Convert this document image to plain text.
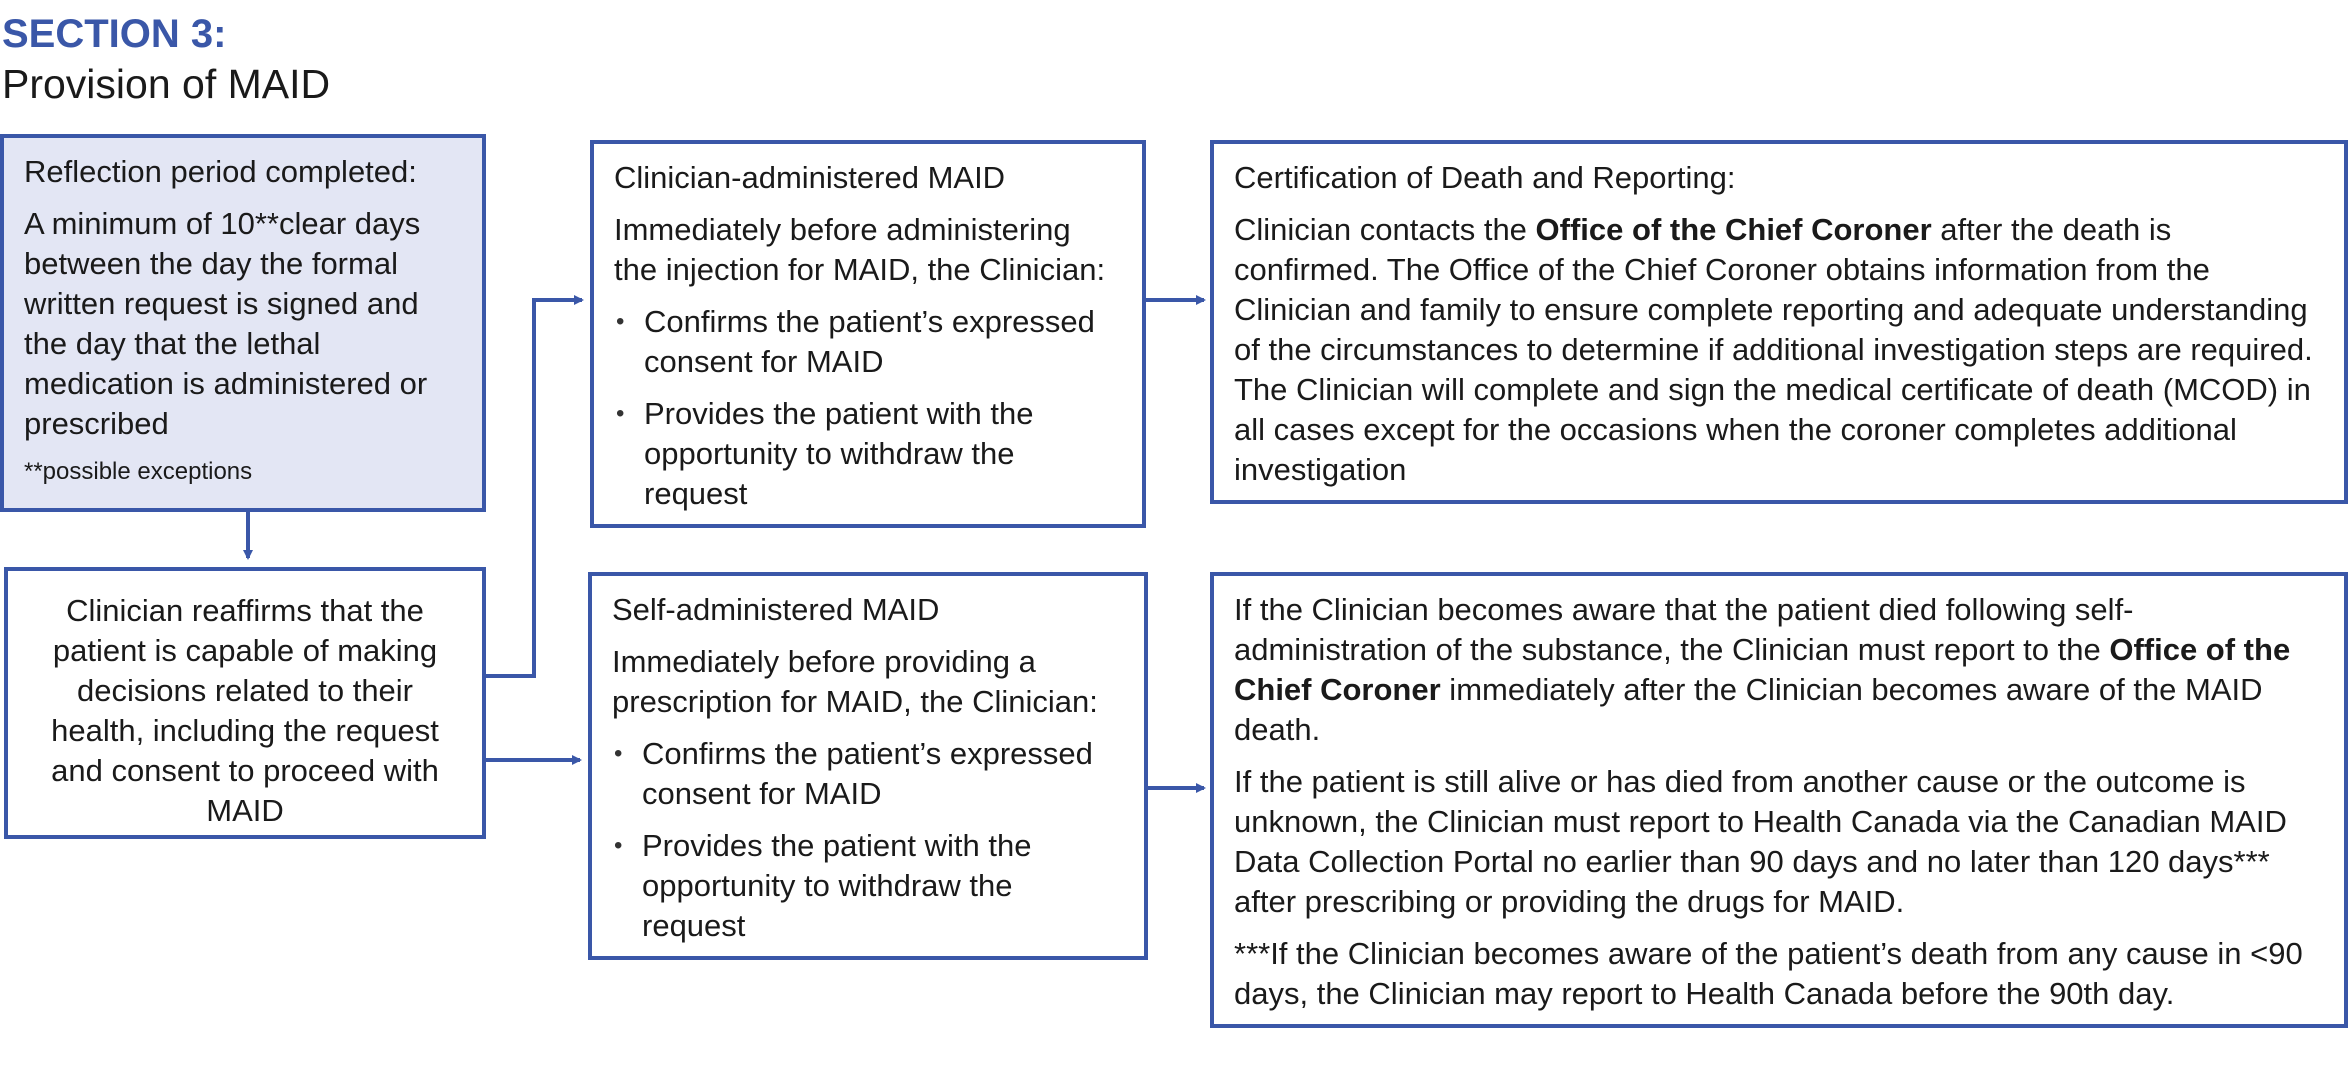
SECTION 3:
Provision of MAID

Reflection period completed:

A minimum of 10**clear days between the day the formal written request is signed and the day that the lethal medication is administered or prescribed

**possible exceptions

Clinician reaffirms that the patient is capable of making decisions related to their health, including the request and consent to proceed with MAID

Clinician-administered MAID

Immediately before administering the injection for MAID, the Clinician:

• Confirms the patient’s expressed consent for MAID
• Provides the patient with the opportunity to withdraw the request

Self-administered MAID

Immediately before providing a prescription for MAID, the Clinician:

• Confirms the patient’s expressed consent for MAID
• Provides the patient with the opportunity to withdraw the request

Certification of Death and Reporting:

Clinician contacts the Office of the Chief Coroner after the death is confirmed. The Office of the Chief Coroner obtains information from the Clinician and family to ensure complete reporting and adequate understanding of the circumstances to determine if additional investigation steps are required. The Clinician will complete and sign the medical certificate of death (MCOD) in all cases except for the occasions when the coroner completes additional investigation

If the Clinician becomes aware that the patient died following self-administration of the substance, the Clinician must report to the Office of the Chief Coroner immediately after the Clinician becomes aware of the MAID death.

If the patient is still alive or has died from another cause or the outcome is unknown, the Clinician must report to Health Canada via the Canadian MAID Data Collection Portal no earlier than 90 days and no later than 120 days*** after prescribing or providing the drugs for MAID.

***If the Clinician becomes aware of the patient’s death from any cause in <90 days, the Clinician may report to Health Canada before the 90th day.
